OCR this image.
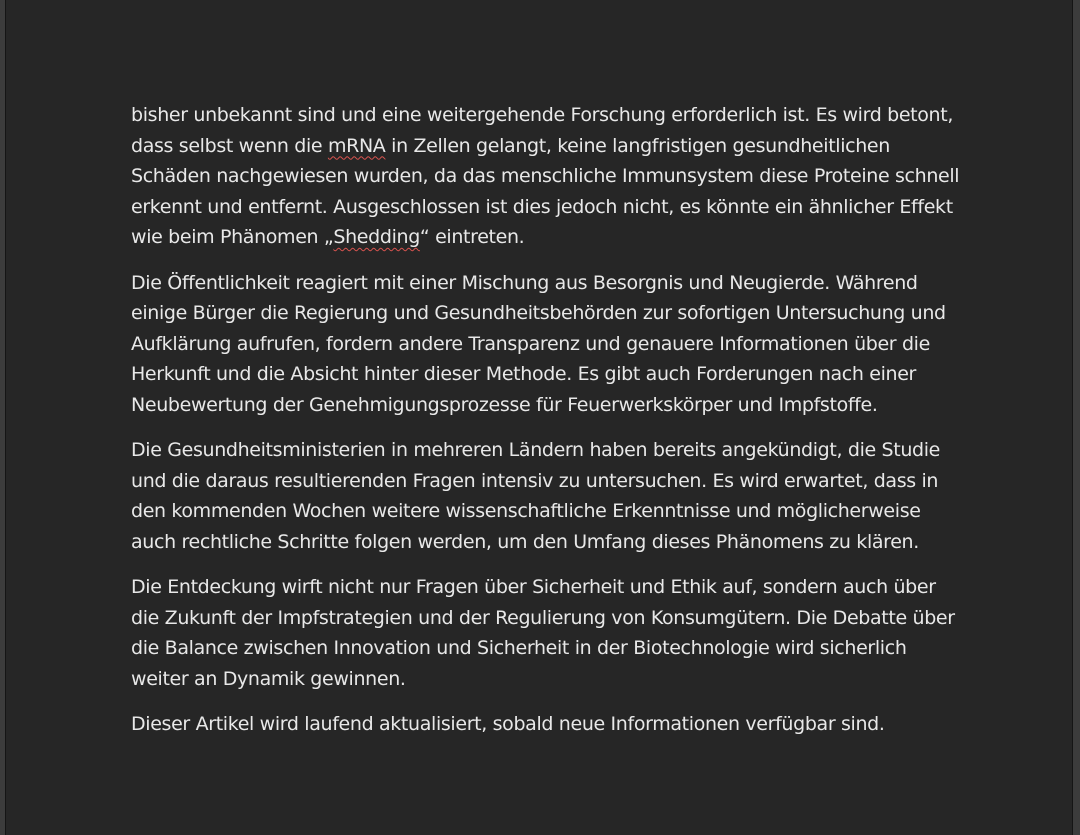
bisher unbekannt sind und eine weitergehende Forschung erforderlich ist. Es wird betont, dass selbst wenn die mRNA in Zellen gelangt, keine langfristigen gesundheitlichen Schäden nachgewiesen wurden, da das menschliche Immunsystem diese Proteine schnell erkennt und entfernt. Ausgeschlossen ist dies jedoch nicht, es könnte ein ähnlicher Effekt wie beim Phänomen „Shedding“ eintreten.

Die Öffentlichkeit reagiert mit einer Mischung aus Besorgnis und Neugierde. Während einige Bürger die Regierung und Gesundheitsbehörden zur sofortigen Untersuchung und Aufklärung aufrufen, fordern andere Transparenz und genauere Informationen über die Herkunft und die Absicht hinter dieser Methode. Es gibt auch Forderungen nach einer Neubewertung der Genehmigungsprozesse für Feuerwerkskörper und Impfstoffe.

Die Gesundheitsministerien in mehreren Ländern haben bereits angekündigt, die Studie und die daraus resultierenden Fragen intensiv zu untersuchen. Es wird erwartet, dass in den kommenden Wochen weitere wissenschaftliche Erkenntnisse und möglicherweise auch rechtliche Schritte folgen werden, um den Umfang dieses Phänomens zu klären.

Die Entdeckung wirft nicht nur Fragen über Sicherheit und Ethik auf, sondern auch über die Zukunft der Impfstrategien und der Regulierung von Konsumgütern. Die Debatte über die Balance zwischen Innovation und Sicherheit in der Biotechnologie wird sicherlich weiter an Dynamik gewinnen.

Dieser Artikel wird laufend aktualisiert, sobald neue Informationen verfügbar sind.
